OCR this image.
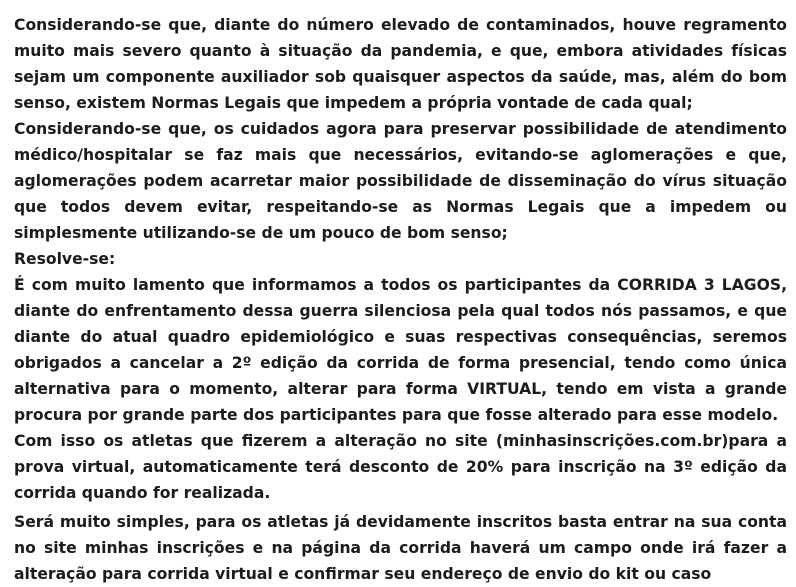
Considerando-se que, diante do número elevado de contaminados, houve regramento muito mais severo quanto à situação da pandemia, e que, embora atividades físicas sejam um componente auxiliador sob quaisquer aspectos da saúde, mas, além do bom senso, existem Normas Legais que impedem a própria vontade de cada qual;

Considerando-se que, os cuidados agora para preservar possibilidade de atendimento médico/hospitalar se faz mais que necessários, evitando-se aglomerações e que, aglomerações podem acarretar maior possibilidade de disseminação do vírus situação que todos devem evitar, respeitando-se as Normas Legais que a impedem ou simplesmente utilizando-se de um pouco de bom senso;

Resolve-se:

É com muito lamento que informamos a todos os participantes da CORRIDA 3 LAGOS, diante do enfrentamento dessa guerra silenciosa pela qual todos nós passamos, e que diante do atual quadro epidemiológico e suas respectivas consequências, seremos obrigados a cancelar a 2º edição da corrida de forma presencial, tendo como única alternativa para o momento, alterar para forma VIRTUAL, tendo em vista a grande procura por grande parte dos participantes para que fosse alterado para esse modelo.

Com isso os atletas que fizerem a alteração no site (minhasinscrições.com.br)para a prova virtual, automaticamente terá desconto de 20% para inscrição na 3º edição da corrida quando for realizada.

Será muito simples, para os atletas já devidamente inscritos basta entrar na sua conta no site minhas inscrições e na página da corrida haverá um campo onde irá fazer a alteração para corrida virtual e confirmar seu endereço de envio do kit ou caso
